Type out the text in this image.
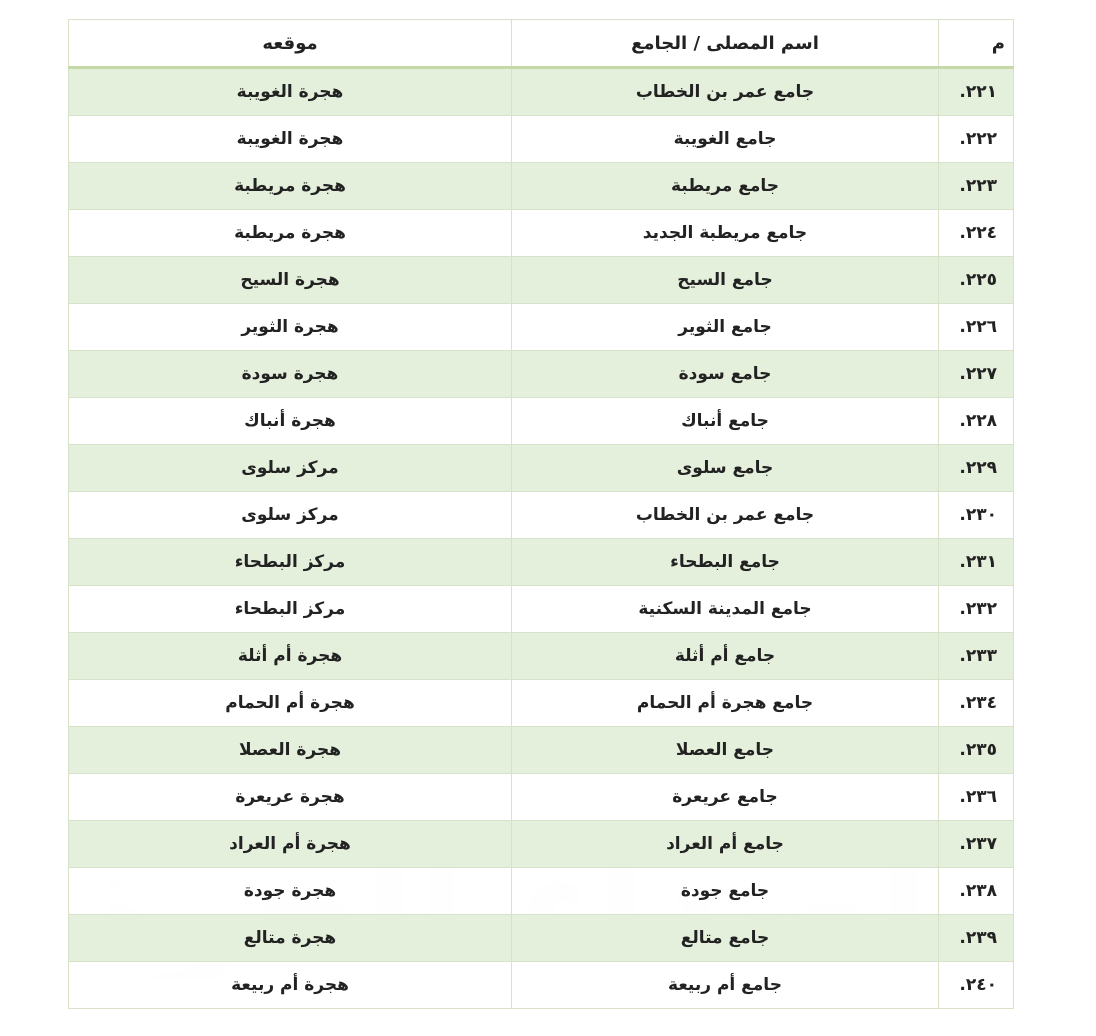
م	اسم المصلى / الجامع	موقعه
٢٢١.	جامع عمر بن الخطاب	هجرة الغويبة
٢٢٢.	جامع الغويبة	هجرة الغويبة
٢٢٣.	جامع مريطبة	هجرة مريطبة
٢٢٤.	جامع مريطبة الجديد	هجرة مريطبة
٢٢٥.	جامع السيح	هجرة السيح
٢٢٦.	جامع الثوير	هجرة الثوير
٢٢٧.	جامع سودة	هجرة سودة
٢٢٨.	جامع أنباك	هجرة أنباك
٢٢٩.	جامع سلوى	مركز سلوى
٢٣٠.	جامع عمر بن الخطاب	مركز سلوى
٢٣١.	جامع البطحاء	مركز البطحاء
٢٣٢.	جامع المدينة السكنية	مركز البطحاء
٢٣٣.	جامع أم أثلة	هجرة أم أثلة
٢٣٤.	جامع هجرة أم الحمام	هجرة أم الحمام
٢٣٥.	جامع العصلا	هجرة العصلا
٢٣٦.	جامع عريعرة	هجرة عريعرة
٢٣٧.	جامع أم العراد	هجرة أم العراد
٢٣٨.	جامع جودة	هجرة جودة
٢٣٩.	جامع متالع	هجرة متالع
٢٤٠.	جامع أم ربيعة	هجرة أم ربيعة
